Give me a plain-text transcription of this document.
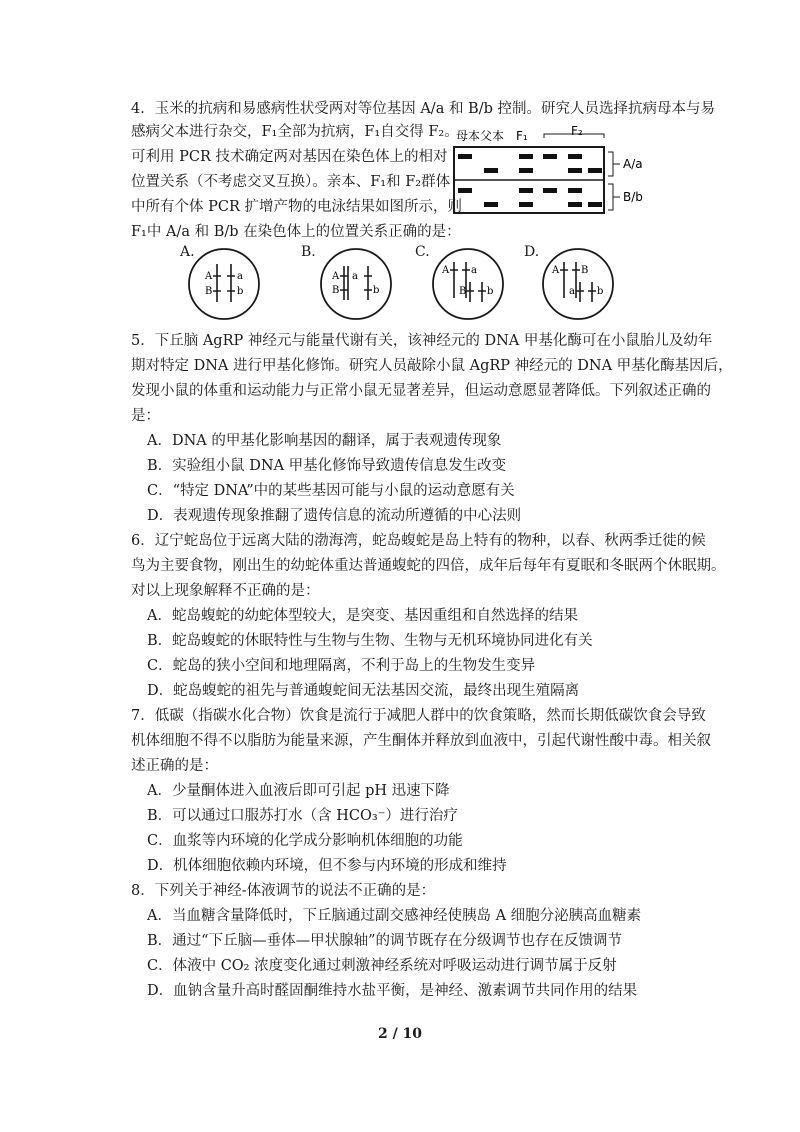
4．玉米的抗病和易感病性状受两对等位基因 A/a 和 B/b 控制。研究人员选择抗病母本与易
感病父本进行杂交，F₁全部为抗病，F₁自交得 F₂。
可利用 PCR 技术确定两对基因在染色体上的相对
位置关系（不考虑交叉互换）。亲本、F₁和 F₂群体
中所有个体 PCR 扩增产物的电泳结果如图所示，则
F₁中 A/a 和 B/b 在染色体上的位置关系正确的是：
母本 父本 F₁	F₂
A/a
B/b
A.
A a
B b
B.
A a
B	b
C.
A a
B b
D.
A B
a b
5．下丘脑 AgRP 神经元与能量代谢有关，该神经元的 DNA 甲基化酶可在小鼠胎儿及幼年
期对特定 DNA 进行甲基化修饰。研究人员敲除小鼠 AgRP 神经元的 DNA 甲基化酶基因后，
发现小鼠的体重和运动能力与正常小鼠无显著差异，但运动意愿显著降低。下列叙述正确的
是：
A．DNA 的甲基化影响基因的翻译，属于表观遗传现象
B．实验组小鼠 DNA 甲基化修饰导致遗传信息发生改变
C．“特定 DNA”中的某些基因可能与小鼠的运动意愿有关
D．表观遗传现象推翻了遗传信息的流动所遵循的中心法则
6．辽宁蛇岛位于远离大陆的渤海湾，蛇岛蝮蛇是岛上特有的物种，以春、秋两季迁徙的候
鸟为主要食物，刚出生的幼蛇体重达普通蝮蛇的四倍，成年后每年有夏眠和冬眠两个休眠期。
对以上现象解释不正确的是：
A．蛇岛蝮蛇的幼蛇体型较大，是突变、基因重组和自然选择的结果
B．蛇岛蝮蛇的休眠特性与生物与生物、生物与无机环境协同进化有关
C．蛇岛的狭小空间和地理隔离，不利于岛上的生物发生变异
D．蛇岛蝮蛇的祖先与普通蝮蛇间无法基因交流，最终出现生殖隔离
7．低碳（指碳水化合物）饮食是流行于减肥人群中的饮食策略，然而长期低碳饮食会导致
机体细胞不得不以脂肪为能量来源，产生酮体并释放到血液中，引起代谢性酸中毒。相关叙
述正确的是：
A．少量酮体进入血液后即可引起 pH 迅速下降
B．可以通过口服苏打水（含 HCO₃⁻）进行治疗
C．血浆等内环境的化学成分影响机体细胞的功能
D．机体细胞依赖内环境，但不参与内环境的形成和维持
8．下列关于神经-体液调节的说法不正确的是：
A．当血糖含量降低时，下丘脑通过副交感神经使胰岛 A 细胞分泌胰高血糖素
B．通过“下丘脑—垂体—甲状腺轴”的调节既存在分级调节也存在反馈调节
C．体液中 CO₂ 浓度变化通过刺激神经系统对呼吸运动进行调节属于反射
D．血钠含量升高时醛固酮维持水盐平衡，是神经、激素调节共同作用的结果
2 / 10
